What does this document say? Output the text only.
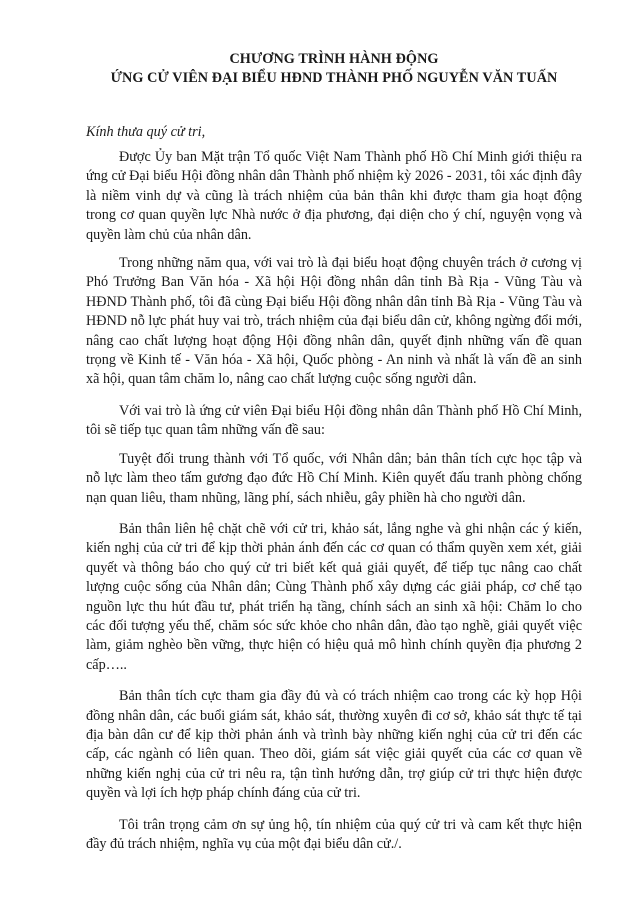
CHƯƠNG TRÌNH HÀNH ĐỘNG

ỨNG CỬ VIÊN ĐẠI BIỂU HĐND THÀNH PHỐ NGUYỄN VĂN TUẤN

Kính thưa quý cử tri,

Được Ủy ban Mặt trận Tổ quốc Việt Nam Thành phố Hồ Chí Minh giới thiệu ra ứng cử Đại biểu Hội đồng nhân dân Thành phố nhiệm kỳ 2026 - 2031, tôi xác định đây là niềm vinh dự và cũng là trách nhiệm của bản thân khi được tham gia hoạt động trong cơ quan quyền lực Nhà nước ở địa phương, đại diện cho ý chí, nguyện vọng và quyền làm chủ của nhân dân.

Trong những năm qua, với vai trò là đại biểu hoạt động chuyên trách ở cương vị Phó Trưởng Ban Văn hóa - Xã hội Hội đồng nhân dân tỉnh Bà Rịa - Vũng Tàu và HĐND Thành phố, tôi đã cùng Đại biểu Hội đồng nhân dân tỉnh Bà Rịa - Vũng Tàu và HĐND nỗ lực phát huy vai trò, trách nhiệm của đại biểu dân cử, không ngừng đổi mới, nâng cao chất lượng hoạt động Hội đồng nhân dân, quyết định những vấn đề quan trọng về Kinh tế - Văn hóa - Xã hội, Quốc phòng - An ninh và nhất là vấn đề an sinh xã hội, quan tâm chăm lo, nâng cao chất lượng cuộc sống người dân.

Với vai trò là ứng cử viên Đại biểu Hội đồng nhân dân Thành phố Hồ Chí Minh, tôi sẽ tiếp tục quan tâm những vấn đề sau:

Tuyệt đối trung thành với Tổ quốc, với Nhân dân; bản thân tích cực học tập và nỗ lực làm theo tấm gương đạo đức Hồ Chí Minh. Kiên quyết đấu tranh phòng chống nạn quan liêu, tham nhũng, lãng phí, sách nhiễu, gây phiền hà cho người dân.

Bản thân liên hệ chặt chẽ với cử tri, khảo sát, lắng nghe và ghi nhận các ý kiến, kiến nghị của cử tri để kịp thời phản ánh đến các cơ quan có thẩm quyền xem xét, giải quyết và thông báo cho quý cử tri biết kết quả giải quyết, để tiếp tục nâng cao chất lượng cuộc sống của Nhân dân; Cùng Thành phố xây dựng các giải pháp, cơ chế tạo nguồn lực thu hút đầu tư, phát triển hạ tầng, chính sách an sinh xã hội: Chăm lo cho các đối tượng yếu thế, chăm sóc sức khỏe cho nhân dân, đào tạo nghề, giải quyết việc làm, giảm nghèo bền vững, thực hiện có hiệu quả mô hình chính quyền địa phương 2 cấp…..

Bản thân tích cực tham gia đầy đủ và có trách nhiệm cao trong các kỳ họp Hội đồng nhân dân, các buổi giám sát, khảo sát, thường xuyên đi cơ sở, khảo sát thực tế tại địa bàn dân cư để kịp thời phản ánh và trình bày những kiến nghị của cử tri đến các cấp, các ngành có liên quan. Theo dõi, giám sát việc giải quyết của các cơ quan về những kiến nghị của cử tri nêu ra, tận tình hướng dẫn, trợ giúp cử tri thực hiện được quyền và lợi ích hợp pháp chính đáng của cử tri.

Tôi trân trọng cảm ơn sự ủng hộ, tín nhiệm của quý cử tri và cam kết thực hiện đầy đủ trách nhiệm, nghĩa vụ của một đại biểu dân cử./.
